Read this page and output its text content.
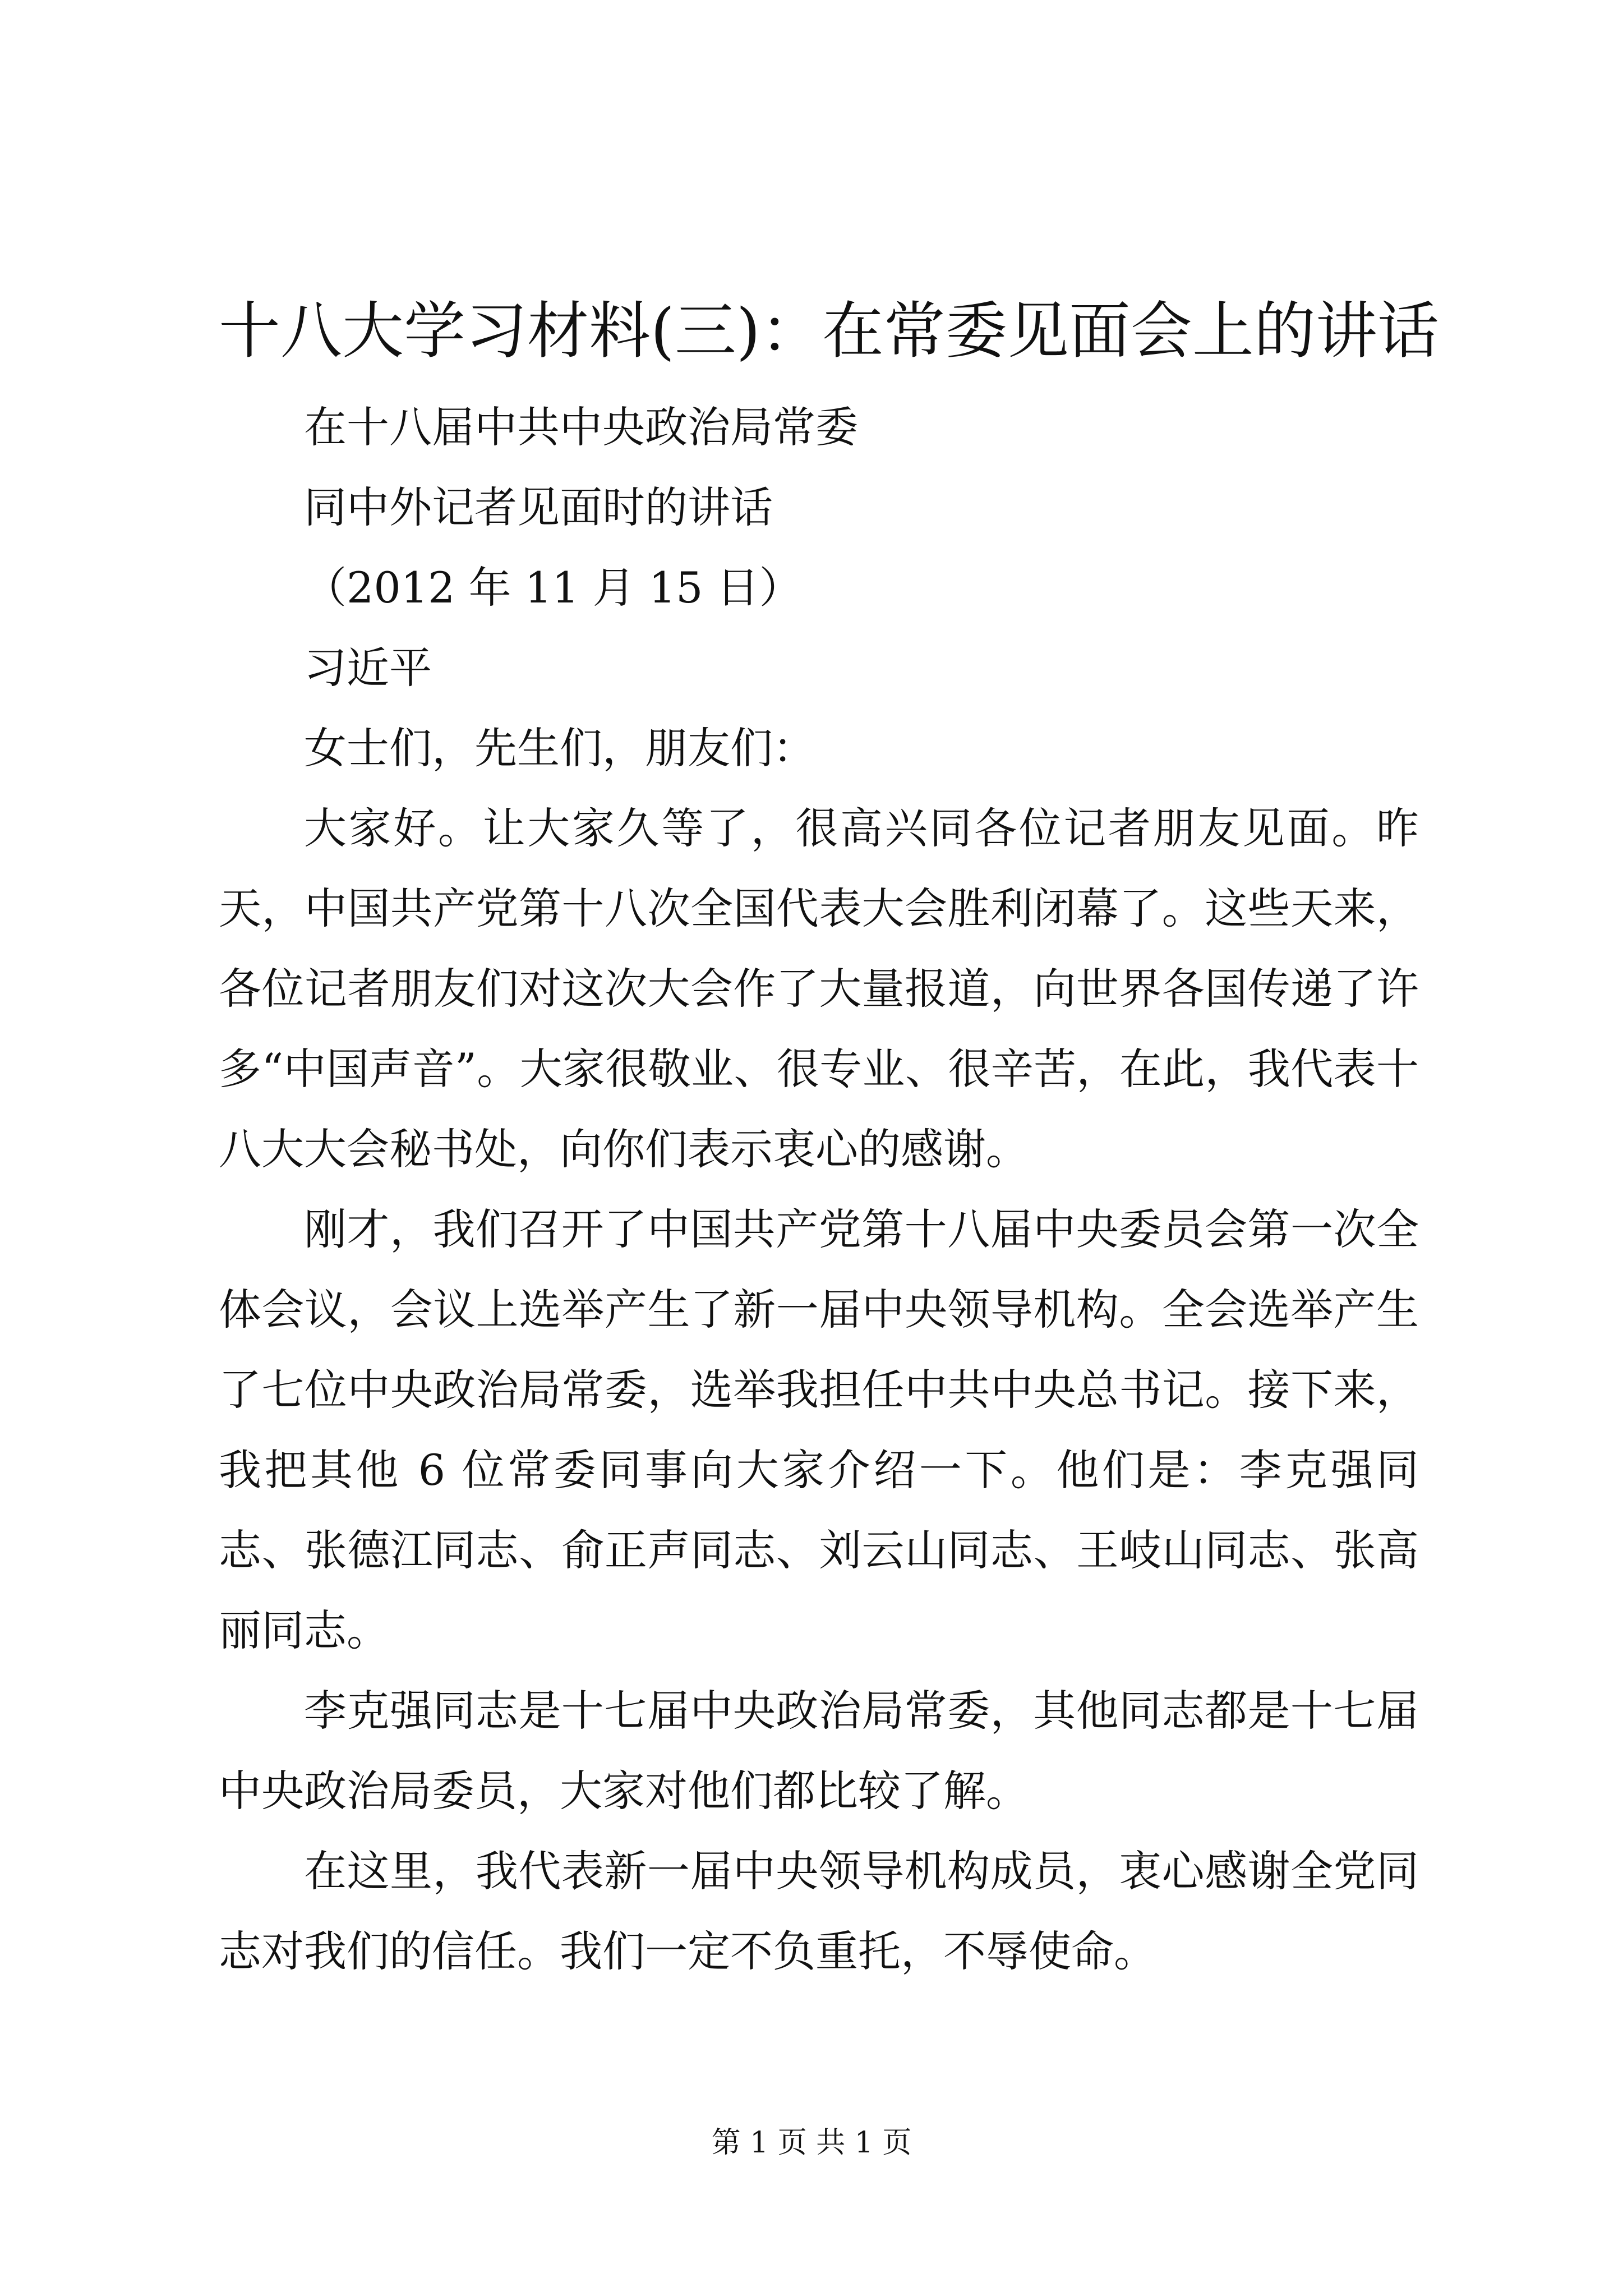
十八大学习材料(三)：在常委见面会上的讲话

在十八届中共中央政治局常委

同中外记者见面时的讲话

（2012 年 11 月 15 日）

习近平

女士们，先生们，朋友们：

大家好。让大家久等了，很高兴同各位记者朋友见面。昨天，中国共产党第十八次全国代表大会胜利闭幕了。这些天来，各位记者朋友们对这次大会作了大量报道，向世界各国传递了许多“中国声音”。大家很敬业、很专业、很辛苦，在此，我代表十八大大会秘书处，向你们表示衷心的感谢。

刚才，我们召开了中国共产党第十八届中央委员会第一次全体会议，会议上选举产生了新一届中央领导机构。全会选举产生了七位中央政治局常委，选举我担任中共中央总书记。接下来，我把其他 6 位常委同事向大家介绍一下。他们是：李克强同志、张德江同志、俞正声同志、刘云山同志、王岐山同志、张高丽同志。

李克强同志是十七届中央政治局常委，其他同志都是十七届中央政治局委员，大家对他们都比较了解。

在这里，我代表新一届中央领导机构成员，衷心感谢全党同志对我们的信任。我们一定不负重托，不辱使命。

第 1 页 共 1 页
